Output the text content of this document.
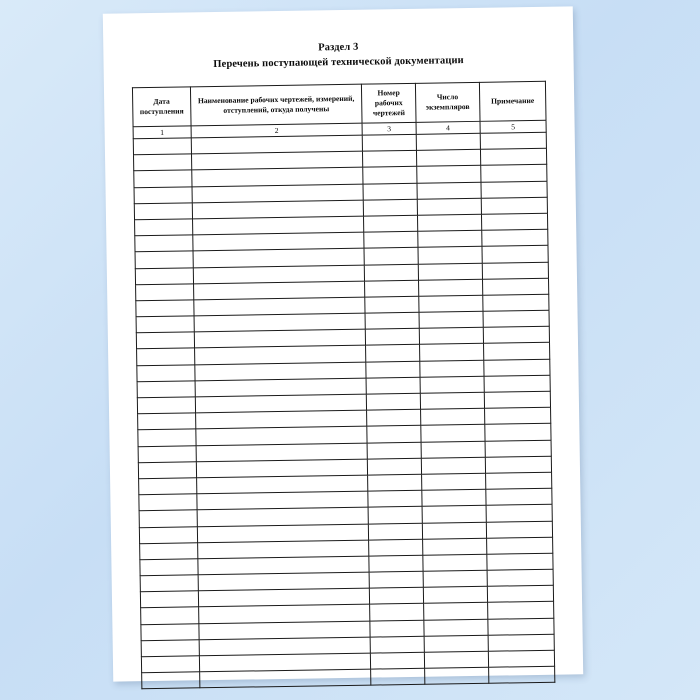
Раздел 3
Перечень поступающей технической документации
Дата поступления	Наименование рабочих чертежей, измерений, отступлений, откуда получены	Номер рабочих чертежей	Число экземпляров	Примечание
1	2	3	4	5
